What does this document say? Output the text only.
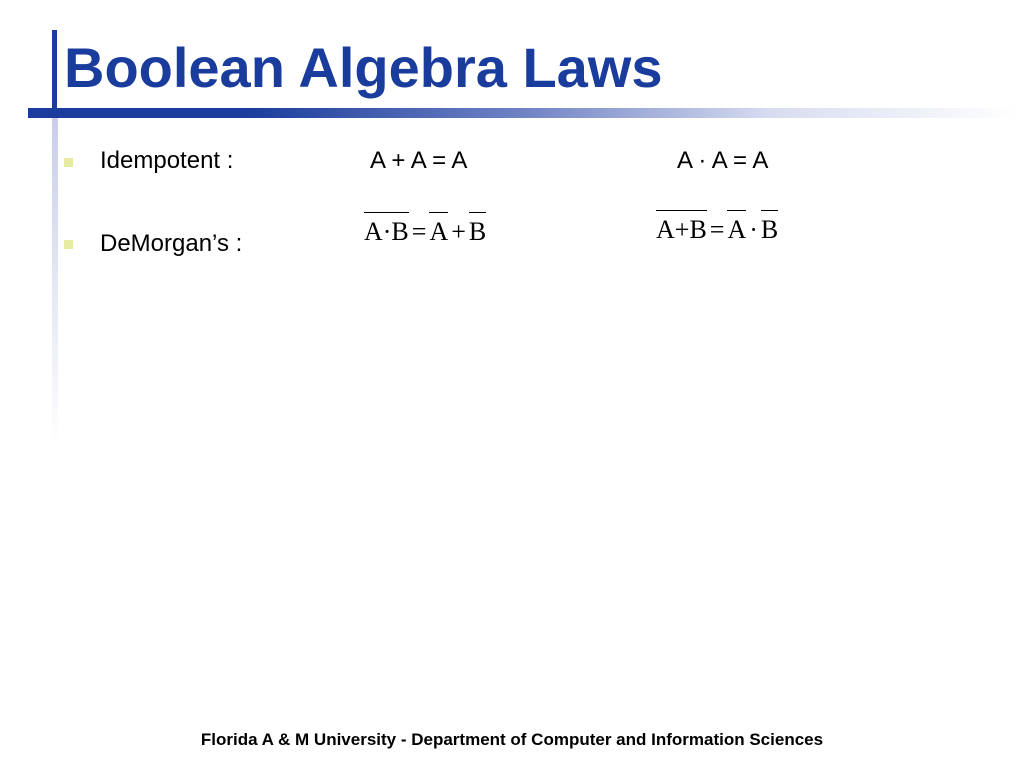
Boolean Algebra Laws
Idempotent :	A + A = A	A · A = A
DeMorgan’s :	A·B = A + B	A+B = A · B
Florida A & M University - Department of Computer and Information Sciences
